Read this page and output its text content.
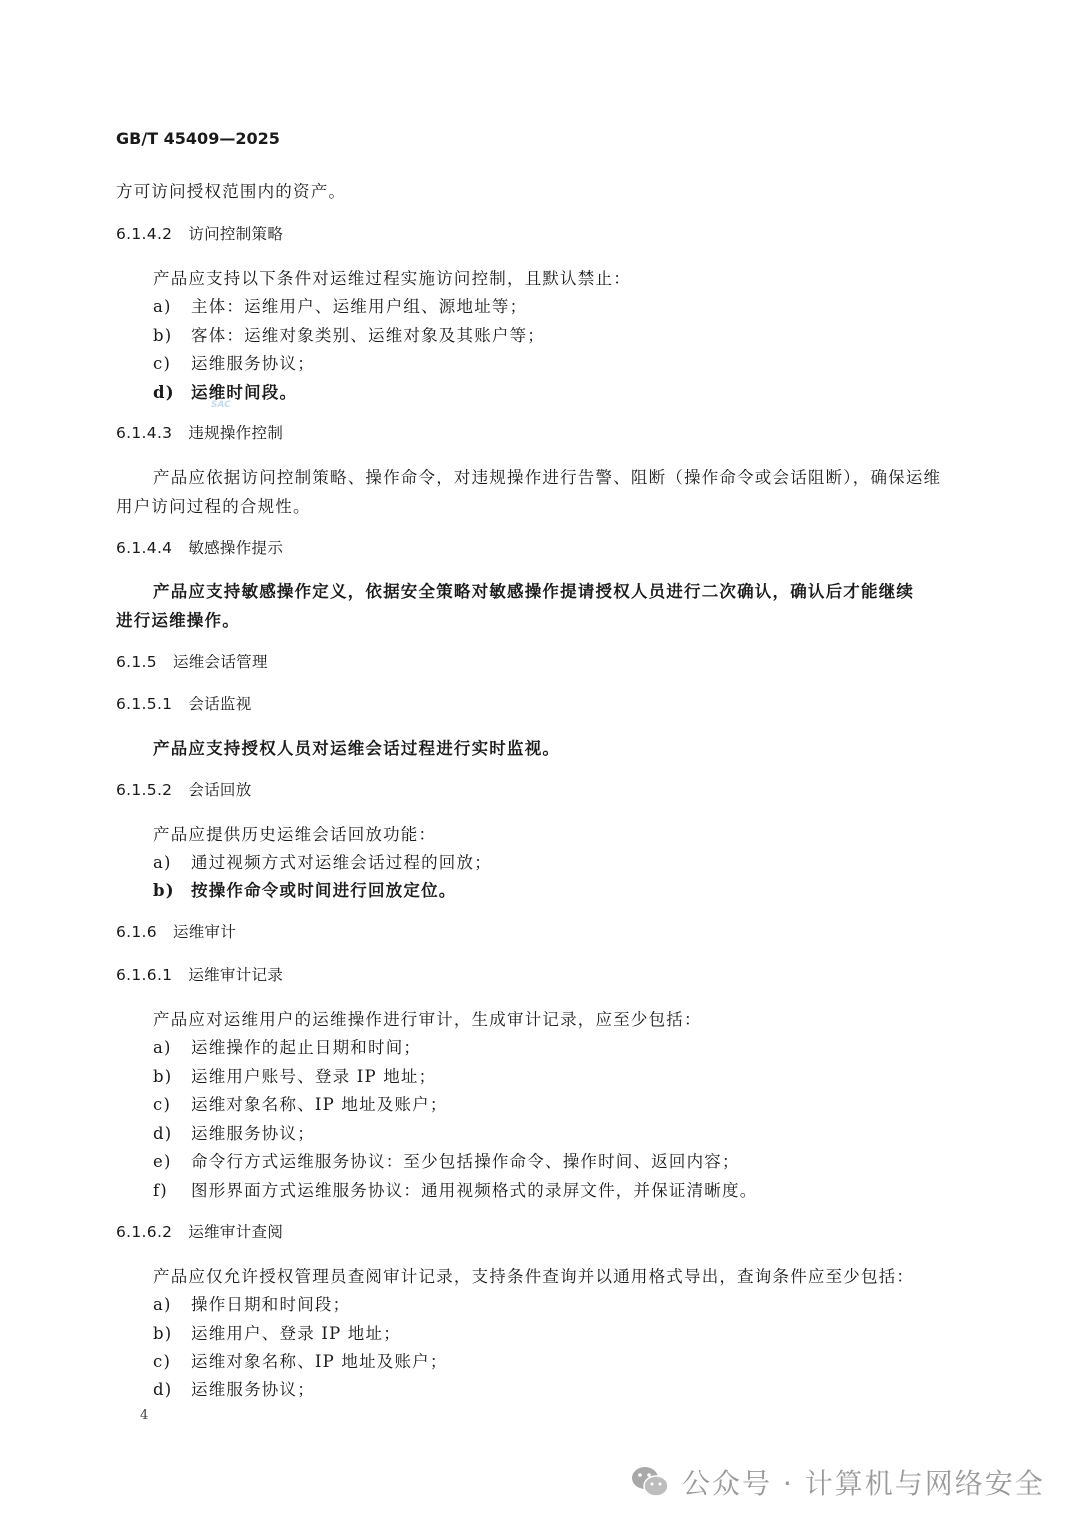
GB/T 45409—2025
方可访问授权范围内的资产。
6.1.4.2 访问控制策略
产品应支持以下条件对运维过程实施访问控制，且默认禁止：
a) 主体：运维用户、运维用户组、源地址等；
b) 客体：运维对象类别、运维对象及其账户等；
c) 运维服务协议；
d) 运维时间段。
SAC
6.1.4.3 违规操作控制
产品应依据访问控制策略、操作命令，对违规操作进行告警、阻断（操作命令或会话阻断），确保运维
用户访问过程的合规性。
6.1.4.4 敏感操作提示
产品应支持敏感操作定义，依据安全策略对敏感操作提请授权人员进行二次确认，确认后才能继续
进行运维操作。
6.1.5 运维会话管理
6.1.5.1 会话监视
产品应支持授权人员对运维会话过程进行实时监视。
6.1.5.2 会话回放
产品应提供历史运维会话回放功能：
a) 通过视频方式对运维会话过程的回放；
b) 按操作命令或时间进行回放定位。
6.1.6 运维审计
6.1.6.1 运维审计记录
产品应对运维用户的运维操作进行审计，生成审计记录，应至少包括：
a) 运维操作的起止日期和时间；
b) 运维用户账号、登录 IP 地址；
c) 运维对象名称、IP 地址及账户；
d) 运维服务协议；
e) 命令行方式运维服务协议：至少包括操作命令、操作时间、返回内容；
f) 图形界面方式运维服务协议：通用视频格式的录屏文件，并保证清晰度。
6.1.6.2 运维审计查阅
产品应仅允许授权管理员查阅审计记录，支持条件查询并以通用格式导出，查询条件应至少包括：
a) 操作日期和时间段；
b) 运维用户、登录 IP 地址；
c) 运维对象名称、IP 地址及账户；
d) 运维服务协议；
4
公众号 · 计算机与网络安全
